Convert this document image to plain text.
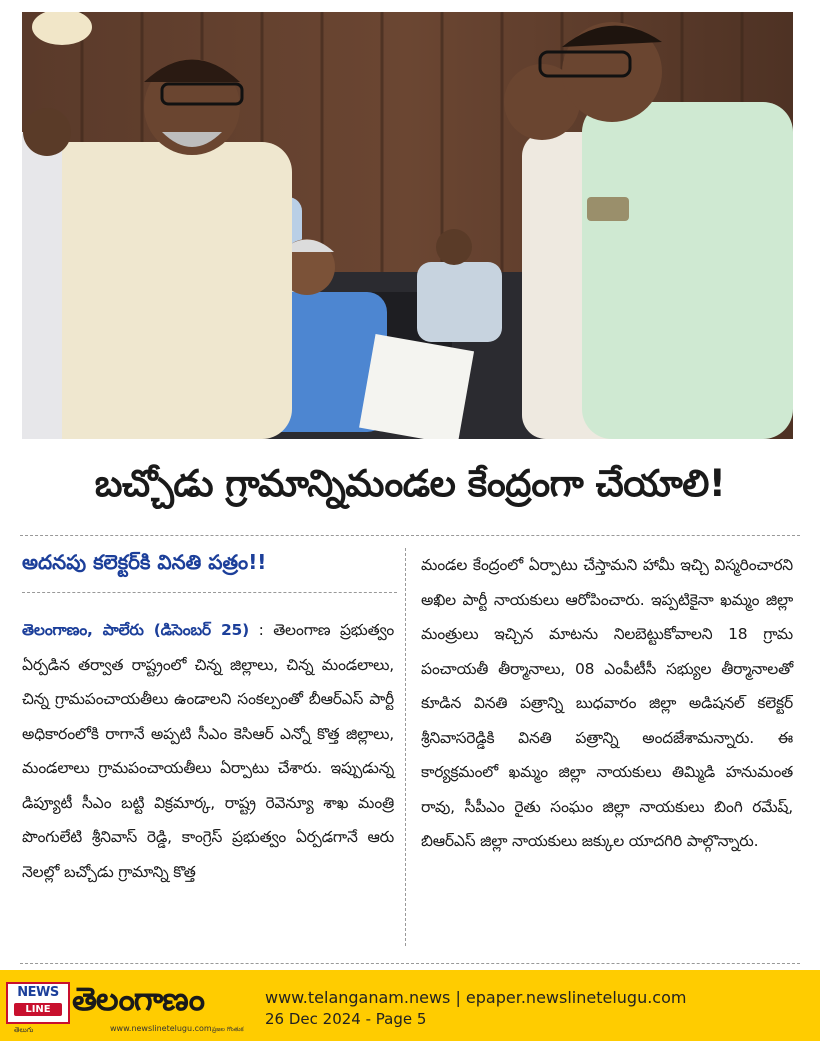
బచ్చోడు గ్రామాన్నిమండల కేంద్రంగా చేయాలి!
అదనపు కలెక్టర్‌కి వినతి పత్రం!!
తెలంగాణం, పాలేరు (డిసెంబర్ 25) : తెలంగాణ ప్రభుత్వం ఏర్పడిన తర్వాత రాష్ట్రంలో చిన్న జిల్లాలు, చిన్న మండలాలు, చిన్న గ్రామపంచాయతీలు ఉండాలని సంకల్పంతో బీఆర్ఎస్ పార్టీ అధికారంలోకి రాగానే అప్పటి సీఎం కెసిఆర్ ఎన్నో కొత్త జిల్లాలు, మండలాలు గ్రామపంచాయతీలు ఏర్పాటు చేశారు. ఇప్పుడున్న డిప్యూటీ సీఎం బట్టి విక్రమార్క, రాష్ట్ర రెవెన్యూ శాఖ మంత్రి పొంగులేటి శ్రీనివాస్ రెడ్డి, కాంగ్రెస్ ప్రభుత్వం ఏర్పడగానే ఆరు నెలల్లో బచ్చోడు గ్రామాన్ని కొత్త
మండల కేంద్రంలో ఏర్పాటు చేస్తామని హామీ ఇచ్చి విస్మరించారని అఖిల పార్టీ నాయకులు ఆరోపించారు. ఇప్పటికైనా ఖమ్మం జిల్లా మంత్రులు ఇచ్చిన మాటను నిలబెట్టుకోవాలని 18 గ్రామ పంచాయతీ తీర్మానాలు, 08 ఎంపీటీసీ సభ్యుల తీర్మానాలతో కూడిన వినతి పత్రాన్ని బుధవారం జిల్లా అడిషనల్ కలెక్టర్ శ్రీనివాసరెడ్డికి వినతి పత్రాన్ని అందజేశామన్నారు. ఈ కార్యక్రమంలో ఖమ్మం జిల్లా నాయకులు తిమ్మిడి హనుమంత రావు, సీపీఎం రైతు సంఘం జిల్లా నాయకులు బింగి రమేష్, బిఆర్ఎస్ జిల్లా నాయకులు జక్కుల యాదగిరి పాల్గొన్నారు.
NEWS
LINE
తెలుగు
తెలంగాణం
www.newslinetelugu.com ప్రజల గొంతుక
www.telanganam.news | epaper.newslinetelugu.com
26 Dec 2024 - Page 5
